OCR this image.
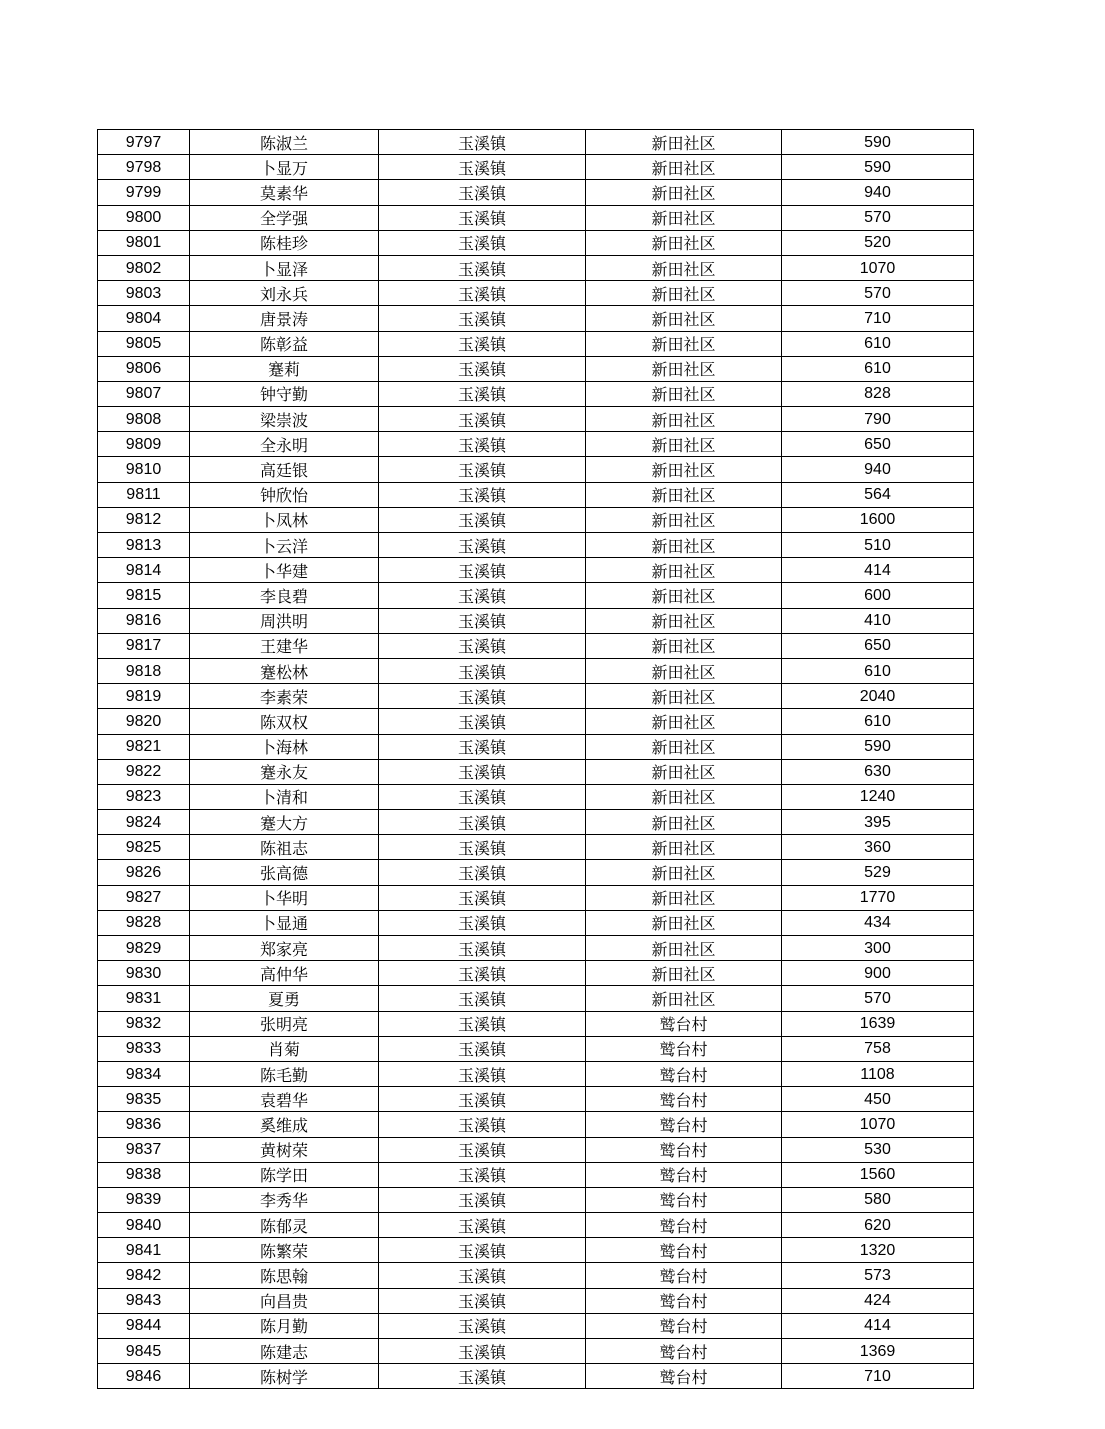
9797	陈淑兰	玉溪镇	新田社区	590
9798	卜显万	玉溪镇	新田社区	590
9799	莫素华	玉溪镇	新田社区	940
9800	全学强	玉溪镇	新田社区	570
9801	陈桂珍	玉溪镇	新田社区	520
9802	卜显泽	玉溪镇	新田社区	1070
9803	刘永兵	玉溪镇	新田社区	570
9804	唐景涛	玉溪镇	新田社区	710
9805	陈彰益	玉溪镇	新田社区	610
9806	蹇莉	玉溪镇	新田社区	610
9807	钟守勤	玉溪镇	新田社区	828
9808	梁崇波	玉溪镇	新田社区	790
9809	全永明	玉溪镇	新田社区	650
9810	高廷银	玉溪镇	新田社区	940
9811	钟欣怡	玉溪镇	新田社区	564
9812	卜凤林	玉溪镇	新田社区	1600
9813	卜云洋	玉溪镇	新田社区	510
9814	卜华建	玉溪镇	新田社区	414
9815	李良碧	玉溪镇	新田社区	600
9816	周洪明	玉溪镇	新田社区	410
9817	王建华	玉溪镇	新田社区	650
9818	蹇松林	玉溪镇	新田社区	610
9819	李素荣	玉溪镇	新田社区	2040
9820	陈双权	玉溪镇	新田社区	610
9821	卜海林	玉溪镇	新田社区	590
9822	蹇永友	玉溪镇	新田社区	630
9823	卜清和	玉溪镇	新田社区	1240
9824	蹇大方	玉溪镇	新田社区	395
9825	陈祖志	玉溪镇	新田社区	360
9826	张高德	玉溪镇	新田社区	529
9827	卜华明	玉溪镇	新田社区	1770
9828	卜显通	玉溪镇	新田社区	434
9829	郑家亮	玉溪镇	新田社区	300
9830	高仲华	玉溪镇	新田社区	900
9831	夏勇	玉溪镇	新田社区	570
9832	张明亮	玉溪镇	鹫台村	1639
9833	肖菊	玉溪镇	鹫台村	758
9834	陈毛勤	玉溪镇	鹫台村	1108
9835	袁碧华	玉溪镇	鹫台村	450
9836	奚维成	玉溪镇	鹫台村	1070
9837	黄树荣	玉溪镇	鹫台村	530
9838	陈学田	玉溪镇	鹫台村	1560
9839	李秀华	玉溪镇	鹫台村	580
9840	陈郁灵	玉溪镇	鹫台村	620
9841	陈繁荣	玉溪镇	鹫台村	1320
9842	陈思翰	玉溪镇	鹫台村	573
9843	向昌贵	玉溪镇	鹫台村	424
9844	陈月勤	玉溪镇	鹫台村	414
9845	陈建志	玉溪镇	鹫台村	1369
9846	陈树学	玉溪镇	鹫台村	710
